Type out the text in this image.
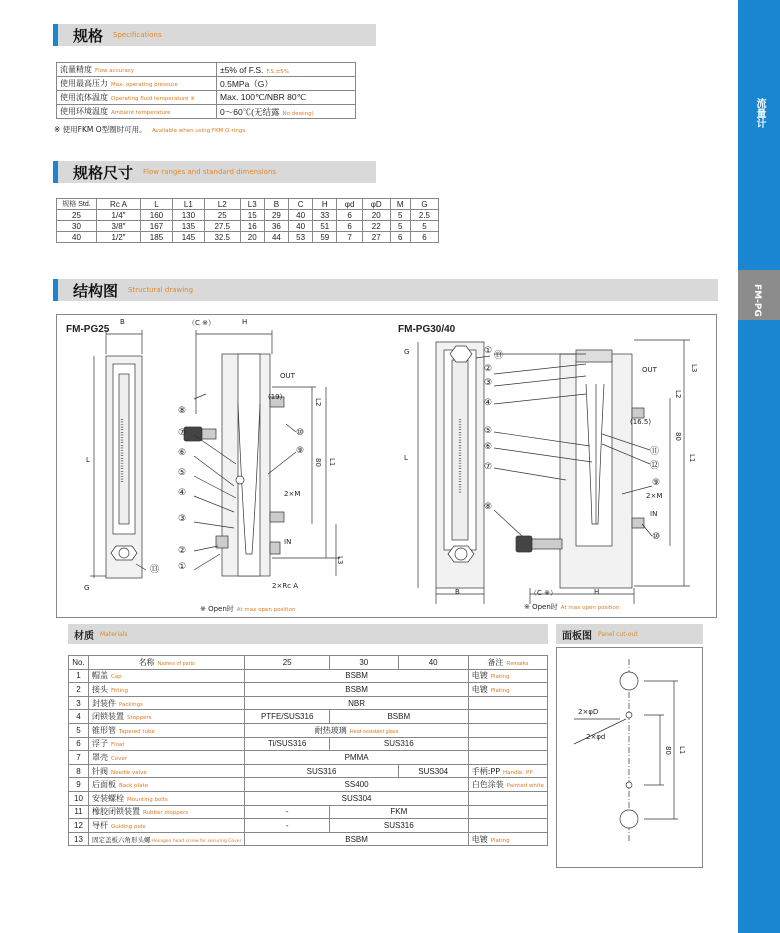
流量计
FM-PG
规格 Specifications
流量精度 Flow accuracy	±5% of F.S. F.S.±5%
使用最高压力 Max. operating pressure	0.5MPa（G）
使用流体温度 Operating fluid temperature ※	Max. 100℃/NBR 80℃
使用环境温度 Ambient temperature	0～60℃(无结露 No dewing)
※ 使用FKM O型圈时可用。 Available when using FKM O-rings.
规格尺寸 Flow ranges and standard dimensions
规格 Std.	Rc A	L	L1	L2	L3	B	C	H	φd	φD	M	G
25	1/4″	160	130	25	15	29	40	33	6	20	5	2.5
30	3/8″	167	135	27.5	16	36	40	51	6	22	5	5
40	1/2″	185	145	32.5	20	44	53	59	7	27	6	6
结构图 Structural drawing
FM-PG25	FM-PG30/40
B	（C ※）	H
OUT
(19)
IN
2×M
2×Rc A
L
G
L2
80 L1
L3
⑧
⑦
⑥
⑤
④
③
②
①
⑬
⑨
⑩
OUT
(16.5)
IN
2×M
（C ※）
B	H
L	L1
80
L2
L3
G	①
②
③
④
⑤
⑥
⑦
⑧
⑨
⑩
⑪
⑫
⑬
※ Open时 At max open position	※ Open时 At max open position
材质 Materials
No.	名称 Names of parts	25	30	40	备注 Remarks
1	帽盖 Cap	BSBM			电镀 Plating
2	接头 Fitting	BSBM			电镀 Plating
3	封装件 Packings	NBR			
4	闭锁装置 Stoppers	PTFE/SUS316	BSBM		
5	锥形管 Tapered tube	耐热玻璃 Heat-resistant glass			
6	浮子 Float	Ti/SUS316	SUS316		
7	罩壳 Cover	PMMA			
8	针阀 Needle valve	SUS316		SUS304	手柄:PP Handle: PP
9	后面板 Back plate	SS400			白色涂装 Painted white
10	安装螺栓 Mounting bolts	SUS304			
11	橡胶闭锁装置 Rubber stoppers	-	FKM		
12	导杆 Guiding pole	-	SUS316		
13	固定盖板六角形头螺Hexagon head screw for securing Cover	BSBM			电镀 Plating
面板图 Panel cut-out
2×φD
2×φd
80 L1
